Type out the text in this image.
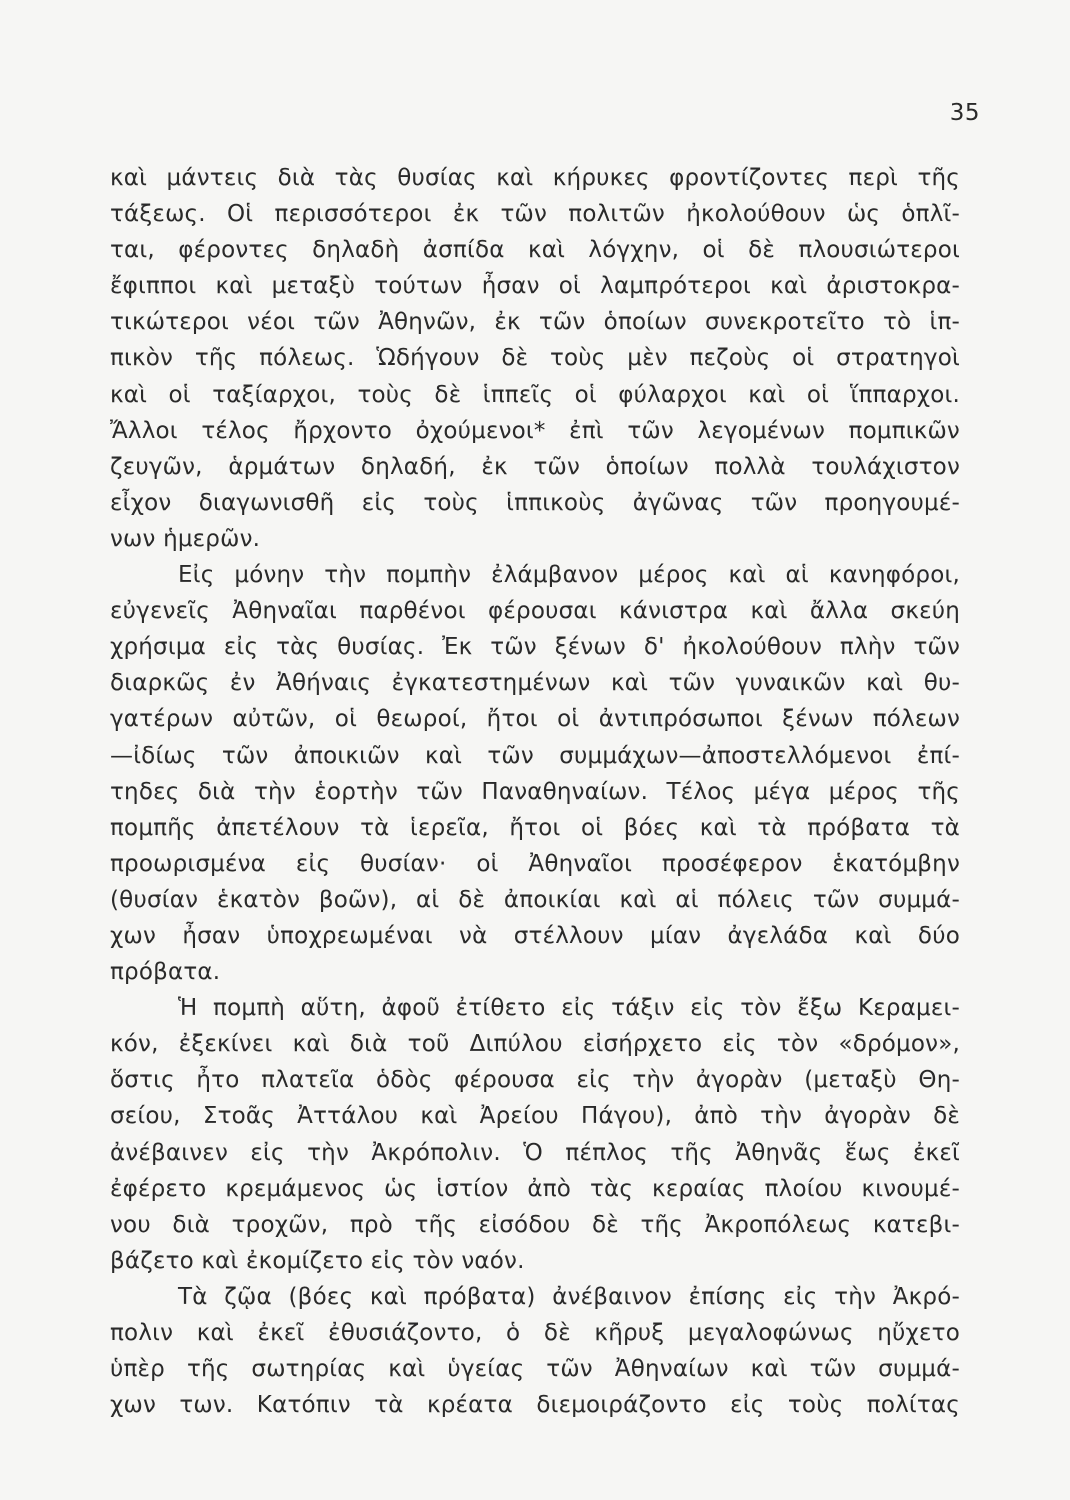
35
καὶ μάντεις διὰ τὰς θυσίας καὶ κήρυκες φροντίζοντες περὶ τῆς
τάξεως. Οἱ περισσότεροι ἐκ τῶν πολιτῶν ἠκολούθουν ὡς ὁπλῖ-
ται, φέροντες δηλαδὴ ἀσπίδα καὶ λόγχην, οἱ δὲ πλουσιώτεροι
ἔφιπποι καὶ μεταξὺ τούτων ἦσαν οἱ λαμπρότεροι καὶ ἀριστοκρα-
τικώτεροι νέοι τῶν Ἀθηνῶν, ἐκ τῶν ὁποίων συνεκροτεῖτο τὸ ἱπ-
πικὸν τῆς πόλεως. Ὡδήγουν δὲ τοὺς μὲν πεζοὺς οἱ στρατηγοὶ
καὶ οἱ ταξίαρχοι, τοὺς δὲ ἱππεῖς οἱ φύλαρχοι καὶ οἱ ἵππαρχοι.
Ἄλλοι τέλος ἤρχοντο ὀχούμενοι* ἐπὶ τῶν λεγομένων πομπικῶν
ζευγῶν, ἁρμάτων δηλαδή, ἐκ τῶν ὁποίων πολλὰ τουλάχιστον
εἶχον διαγωνισθῆ εἰς τοὺς ἱππικοὺς ἀγῶνας τῶν προηγουμέ-
νων ἡμερῶν.
Εἰς μόνην τὴν πομπὴν ἐλάμβανον μέρος καὶ αἱ κανηφόροι,
εὐγενεῖς Ἀθηναῖαι παρθένοι φέρουσαι κάνιστρα καὶ ἄλλα σκεύη
χρήσιμα εἰς τὰς θυσίας. Ἐκ τῶν ξένων δ' ἠκολούθουν πλὴν τῶν
διαρκῶς ἐν Ἀθήναις ἐγκατεστημένων καὶ τῶν γυναικῶν καὶ θυ-
γατέρων αὐτῶν, οἱ θεωροί, ἤτοι οἱ ἀντιπρόσωποι ξένων πόλεων
—ἰδίως τῶν ἀποικιῶν καὶ τῶν συμμάχων—ἀποστελλόμενοι ἐπί-
τηδες διὰ τὴν ἑορτὴν τῶν Παναθηναίων. Τέλος μέγα μέρος τῆς
πομπῆς ἀπετέλουν τὰ ἱερεῖα, ἤτοι οἱ βόες καὶ τὰ πρόβατα τὰ
προωρισμένα εἰς θυσίαν· οἱ Ἀθηναῖοι προσέφερον ἑκατόμβην
(θυσίαν ἑκατὸν βοῶν), αἱ δὲ ἀποικίαι καὶ αἱ πόλεις τῶν συμμά-
χων ἦσαν ὑποχρεωμέναι νὰ στέλλουν μίαν ἀγελάδα καὶ δύο
πρόβατα.
Ἡ πομπὴ αὕτη, ἀφοῦ ἐτίθετο εἰς τάξιν εἰς τὸν ἔξω Κεραμει-
κόν, ἐξεκίνει καὶ διὰ τοῦ Διπύλου εἰσήρχετο εἰς τὸν «δρόμον»,
ὅστις ἦτο πλατεῖα ὁδὸς φέρουσα εἰς τὴν ἀγορὰν (μεταξὺ Θη-
σείου, Στοᾶς Ἀττάλου καὶ Ἀρείου Πάγου), ἀπὸ τὴν ἀγορὰν δὲ
ἀνέβαινεν εἰς τὴν Ἀκρόπολιν. Ὁ πέπλος τῆς Ἀθηνᾶς ἕως ἐκεῖ
ἐφέρετο κρεμάμενος ὡς ἱστίον ἀπὸ τὰς κεραίας πλοίου κινουμέ-
νου διὰ τροχῶν, πρὸ τῆς εἰσόδου δὲ τῆς Ἀκροπόλεως κατεβι-
βάζετο καὶ ἐκομίζετο εἰς τὸν ναόν.
Τὰ ζῷα (βόες καὶ πρόβατα) ἀνέβαινον ἐπίσης εἰς τὴν Ἀκρό-
πολιν καὶ ἐκεῖ ἐθυσιάζοντο, ὁ δὲ κῆρυξ μεγαλοφώνως ηὔχετο
ὑπὲρ τῆς σωτηρίας καὶ ὑγείας τῶν Ἀθηναίων καὶ τῶν συμμά-
χων των. Κατόπιν τὰ κρέατα διεμοιράζοντο εἰς τοὺς πολίτας
